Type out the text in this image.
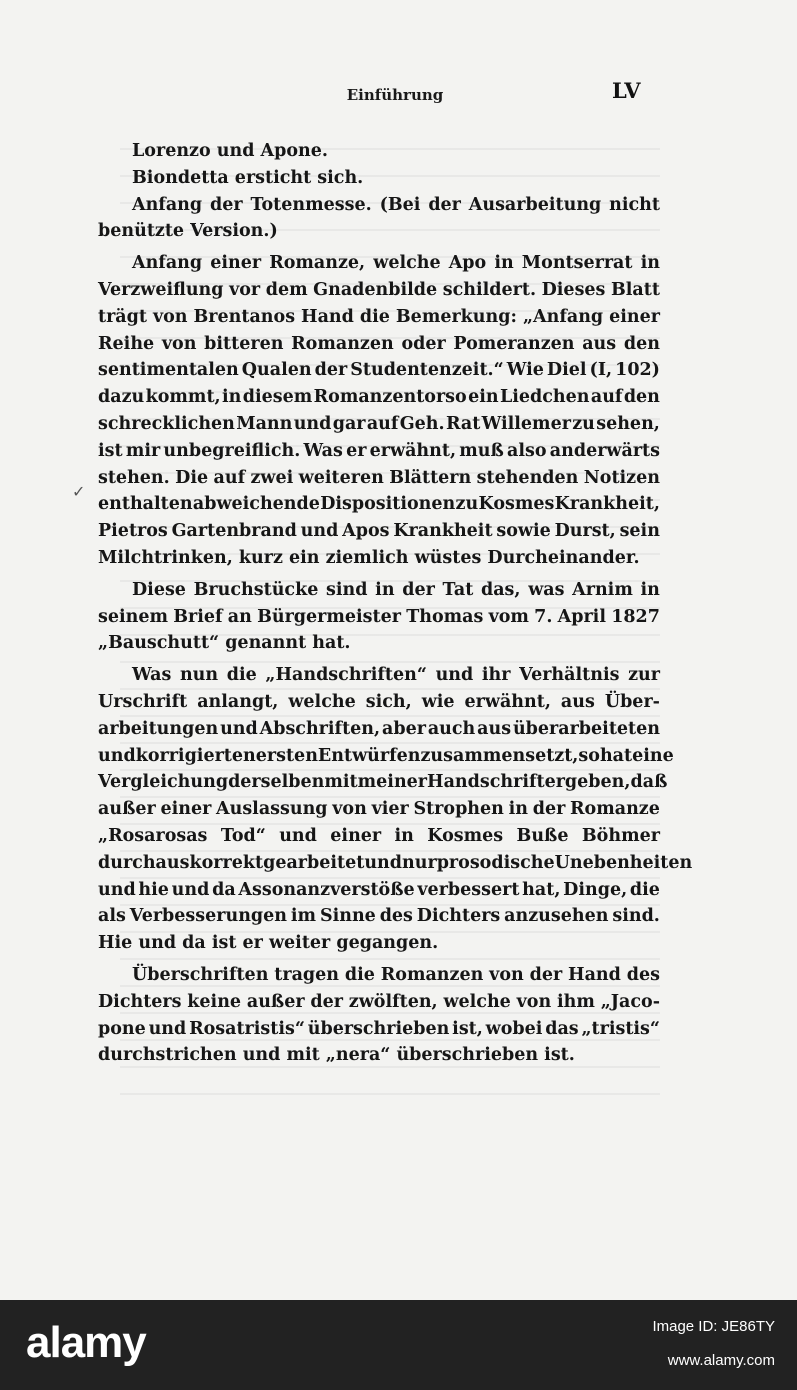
Einführung	LV
✓
Lorenzo und Apone.
Biondetta ersticht sich.
Anfang der Totenmesse. (Bei der Ausarbeitung nicht
benützte Version.)
Anfang einer Romanze, welche Apo in Montserrat in
Verzweiflung vor dem Gnadenbilde schildert. Dieses Blatt
trägt von Brentanos Hand die Bemerkung: „Anfang einer
Reihe von bitteren Romanzen oder Pomeranzen aus den
sentimentalen Qualen der Studentenzeit.“ Wie Diel (I, 102)
dazu kommt, in diesem Romanzentorso ein Liedchen auf den
schrecklichen Mann und gar auf Geh. Rat Willemer zu sehen,
ist mir unbegreiflich. Was er erwähnt, muß also anderwärts
stehen. Die auf zwei weiteren Blättern stehenden Notizen
enthalten abweichende Dispositionen zu Kosmes Krankheit,
Pietros Gartenbrand und Apos Krankheit sowie Durst, sein
Milchtrinken, kurz ein ziemlich wüstes Durcheinander.
Diese Bruchstücke sind in der Tat das, was Arnim in
seinem Brief an Bürgermeister Thomas vom 7. April 1827
„Bauschutt“ genannt hat.
Was nun die „Handschriften“ und ihr Verhältnis zur
Urschrift anlangt, welche sich, wie erwähnt, aus Über-
arbeitungen und Abschriften, aber auch aus überarbeiteten
und korrigierten ersten Entwürfen zusammensetzt, so hat eine
Vergleichung derselben mit meiner Handschrift ergeben, daß
außer einer Auslassung von vier Strophen in der Romanze
„Rosarosas Tod“ und einer in Kosmes Buße Böhmer
durchaus korrekt gearbeitet und nur prosodische Unebenheiten
und hie und da Assonanzverstöße verbessert hat, Dinge, die
als Verbesserungen im Sinne des Dichters anzusehen sind.
Hie und da ist er weiter gegangen.
Überschriften tragen die Romanzen von der Hand des
Dichters keine außer der zwölften, welche von ihm „Jaco-
pone und Rosatristis“ überschrieben ist, wobei das „tristis“
durchstrichen und mit „nera“ überschrieben ist.
alamy	Image ID: JE86TY
www.alamy.com
